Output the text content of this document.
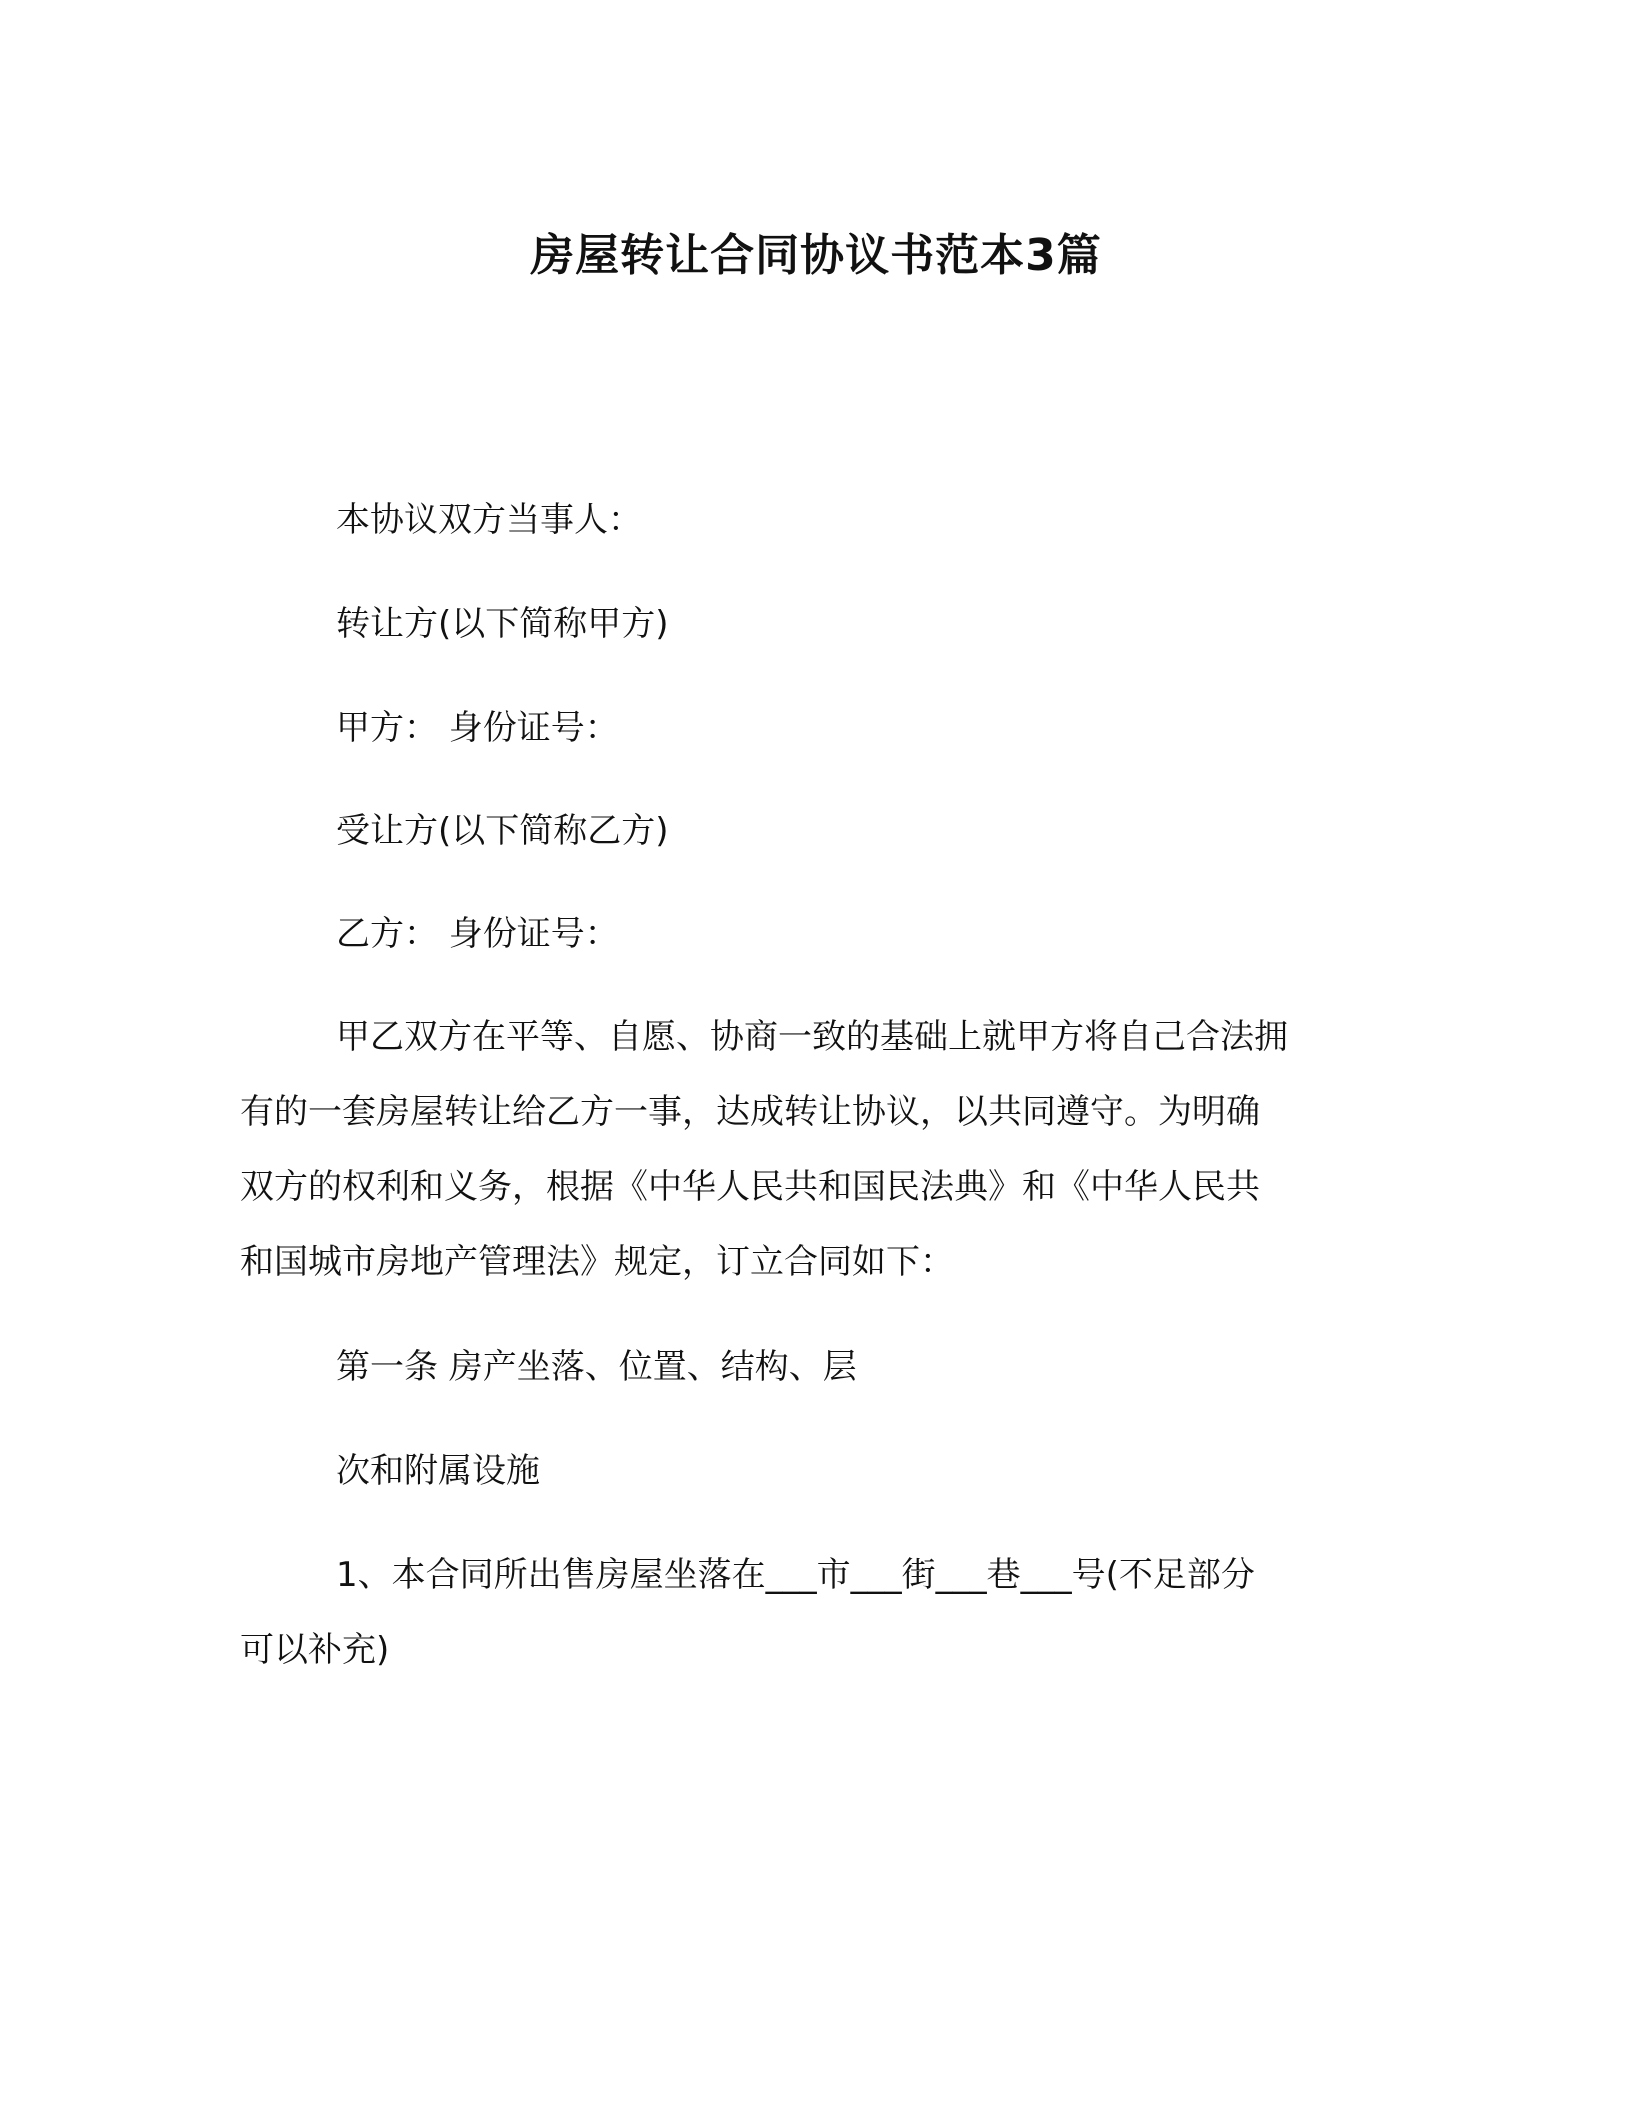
房屋转让合同协议书范本3篇
本协议双方当事人：
转让方(以下简称甲方)
甲方： 身份证号：
受让方(以下简称乙方)
乙方： 身份证号：
甲乙双方在平等、自愿、协商一致的基础上就甲方将自己合法拥
有的一套房屋转让给乙方一事，达成转让协议，以共同遵守。为明确
双方的权利和义务，根据《中华人民共和国民法典》和《中华人民共
和国城市房地产管理法》规定，订立合同如下：
第一条 房产坐落、位置、结构、层
次和附属设施
1、本合同所出售房屋坐落在___市___街___巷___号(不足部分
可以补充)
